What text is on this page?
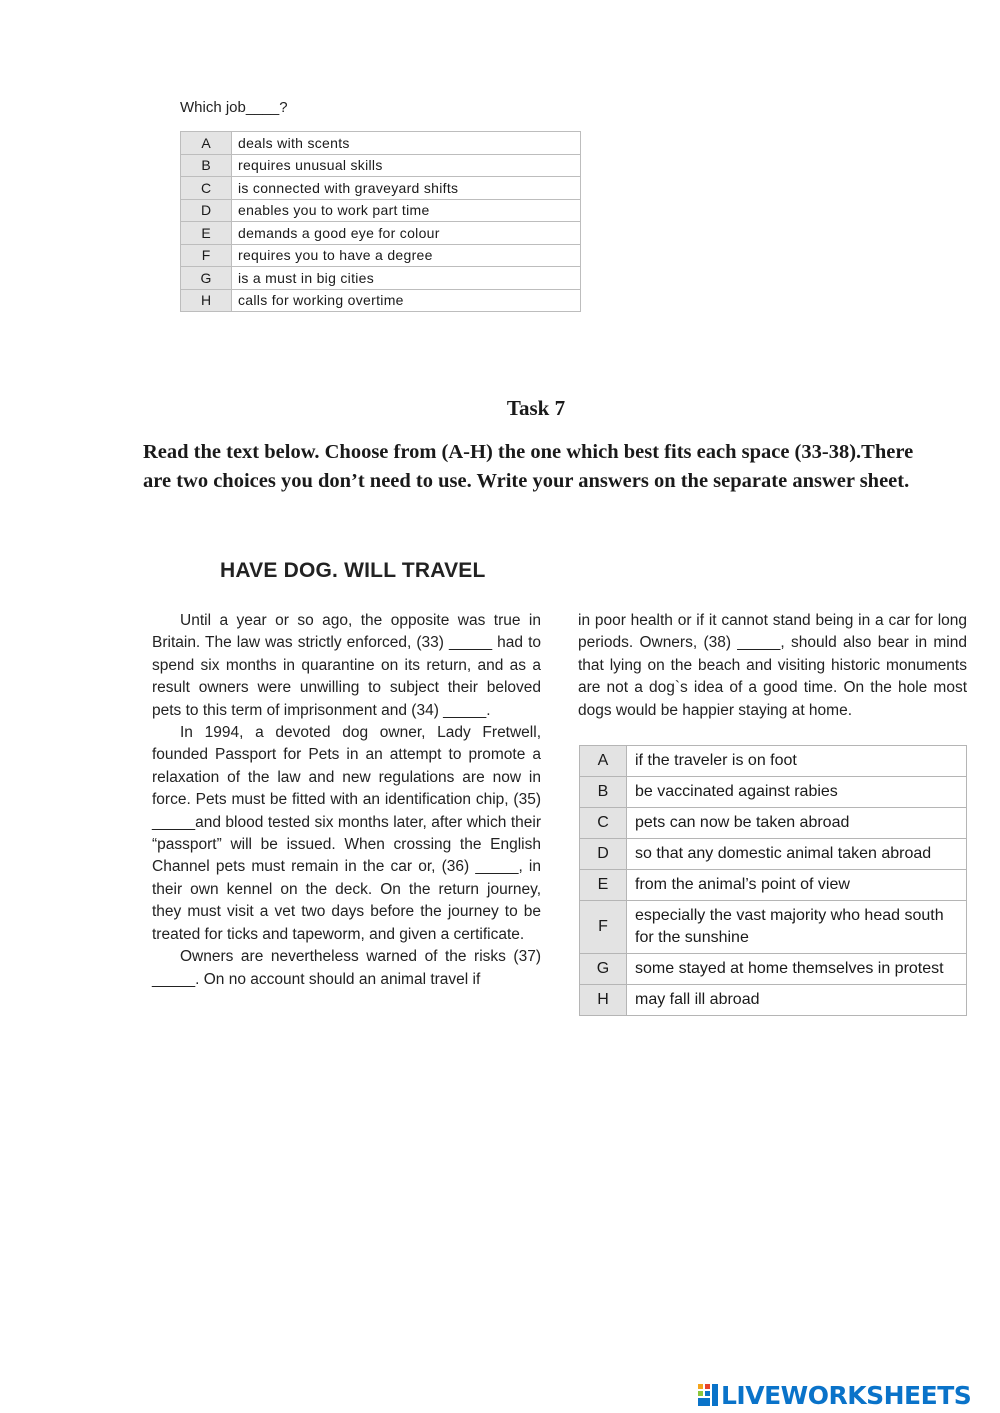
Which job____?
A	deals with scents
B	requires unusual skills
C	is connected with graveyard shifts
D	enables you to work part time
E	demands a good eye for colour
F	requires you to have a degree
G	is a must in big cities
H	calls for working overtime
Task 7
Read the text below. Choose from (A-H) the one which best fits each space (33-38).There are two choices you don’t need to use. Write your answers on the separate answer sheet.
HAVE DOG. WILL TRAVEL

Until a year or so ago, the opposite was true in Britain. The law was strictly enforced, (33) _____ had to spend six months in quarantine on its return, and as a result owners were unwilling to subject their beloved pets to this term of imprisonment and (34) _____.

In 1994, a devoted dog owner, Lady Fretwell, founded Passport for Pets in an attempt to promote a relaxation of the law and new regulations are now in force. Pets must be fitted with an identification chip, (35) _____and blood tested six months later, after which their “passport” will be issued. When crossing the English Channel pets must remain in the car or, (36) _____, in their own kennel on the deck. On the return journey, they must visit a vet two days before the journey to be treated for ticks and tapeworm, and given a certificate.

Owners are nevertheless warned of the risks (37) _____. On no account should an animal travel if

in poor health or if it cannot stand being in a car for long periods. Owners, (38) _____, should also bear in mind that lying on the beach and visiting historic monuments are not a dog`s idea of a good time. On the hole most dogs would be happier staying at home.

A	if the traveler is on foot
B	be vaccinated against rabies
C	pets can now be taken abroad
D	so that any domestic animal taken abroad
E	from the animal’s point of view
F	especially the vast majority who head south for the sunshine
G	some stayed at home themselves in protest
H	may fall ill abroad
LIVEWORKSHEETS
